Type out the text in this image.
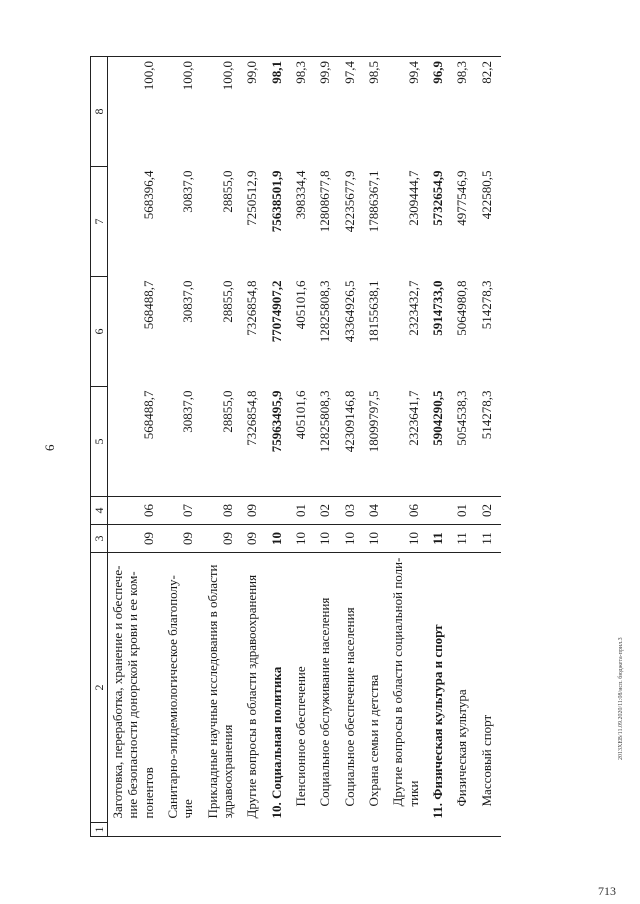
6
713
2013ХЕВ/11.09.2020/11:08/исп. бюджета-прил.3
1	2	3	4	5	6	7	8
	Заготовка, переработка, хранение и обеспече-ние безопасности донорской крови и ее ком-понентов	09	06	568488,7	568488,7	568396,4	100,0
	Санитарно-эпидемиологическое благополу-чие	09	07	30837,0	30837,0	30837,0	100,0
	Прикладные научные исследования в области здравоохранения	09	08	28855,0	28855,0	28855,0	100,0
	Другие вопросы в области здравоохранения	09	09	7326854,8	7326854,8	7250512,9	99,0
	10. Социальная политика	10		75963495,9	77074907,2	75638501,9	98,1
	Пенсионное обеспечение	10	01	405101,6	405101,6	398334,4	98,3
	Социальное обслуживание населения	10	02	12825808,3	12825808,3	12808677,8	99,9
	Социальное обеспечение населения	10	03	42309146,8	43364926,5	42235677,9	97,4
	Охрана семьи и детства	10	04	18099797,5	18155638,1	17886367,1	98,5
	Другие вопросы в области социальной поли-тики	10	06	2323641,7	2323432,7	2309444,7	99,4
	11. Физическая культура и спорт	11		5904290,5	5914733,0	5732654,9	96,9
	Физическая культура	11	01	5054538,3	5064980,8	4977546,9	98,3
	Массовый спорт	11	02	514278,3	514278,3	422580,5	82,2
